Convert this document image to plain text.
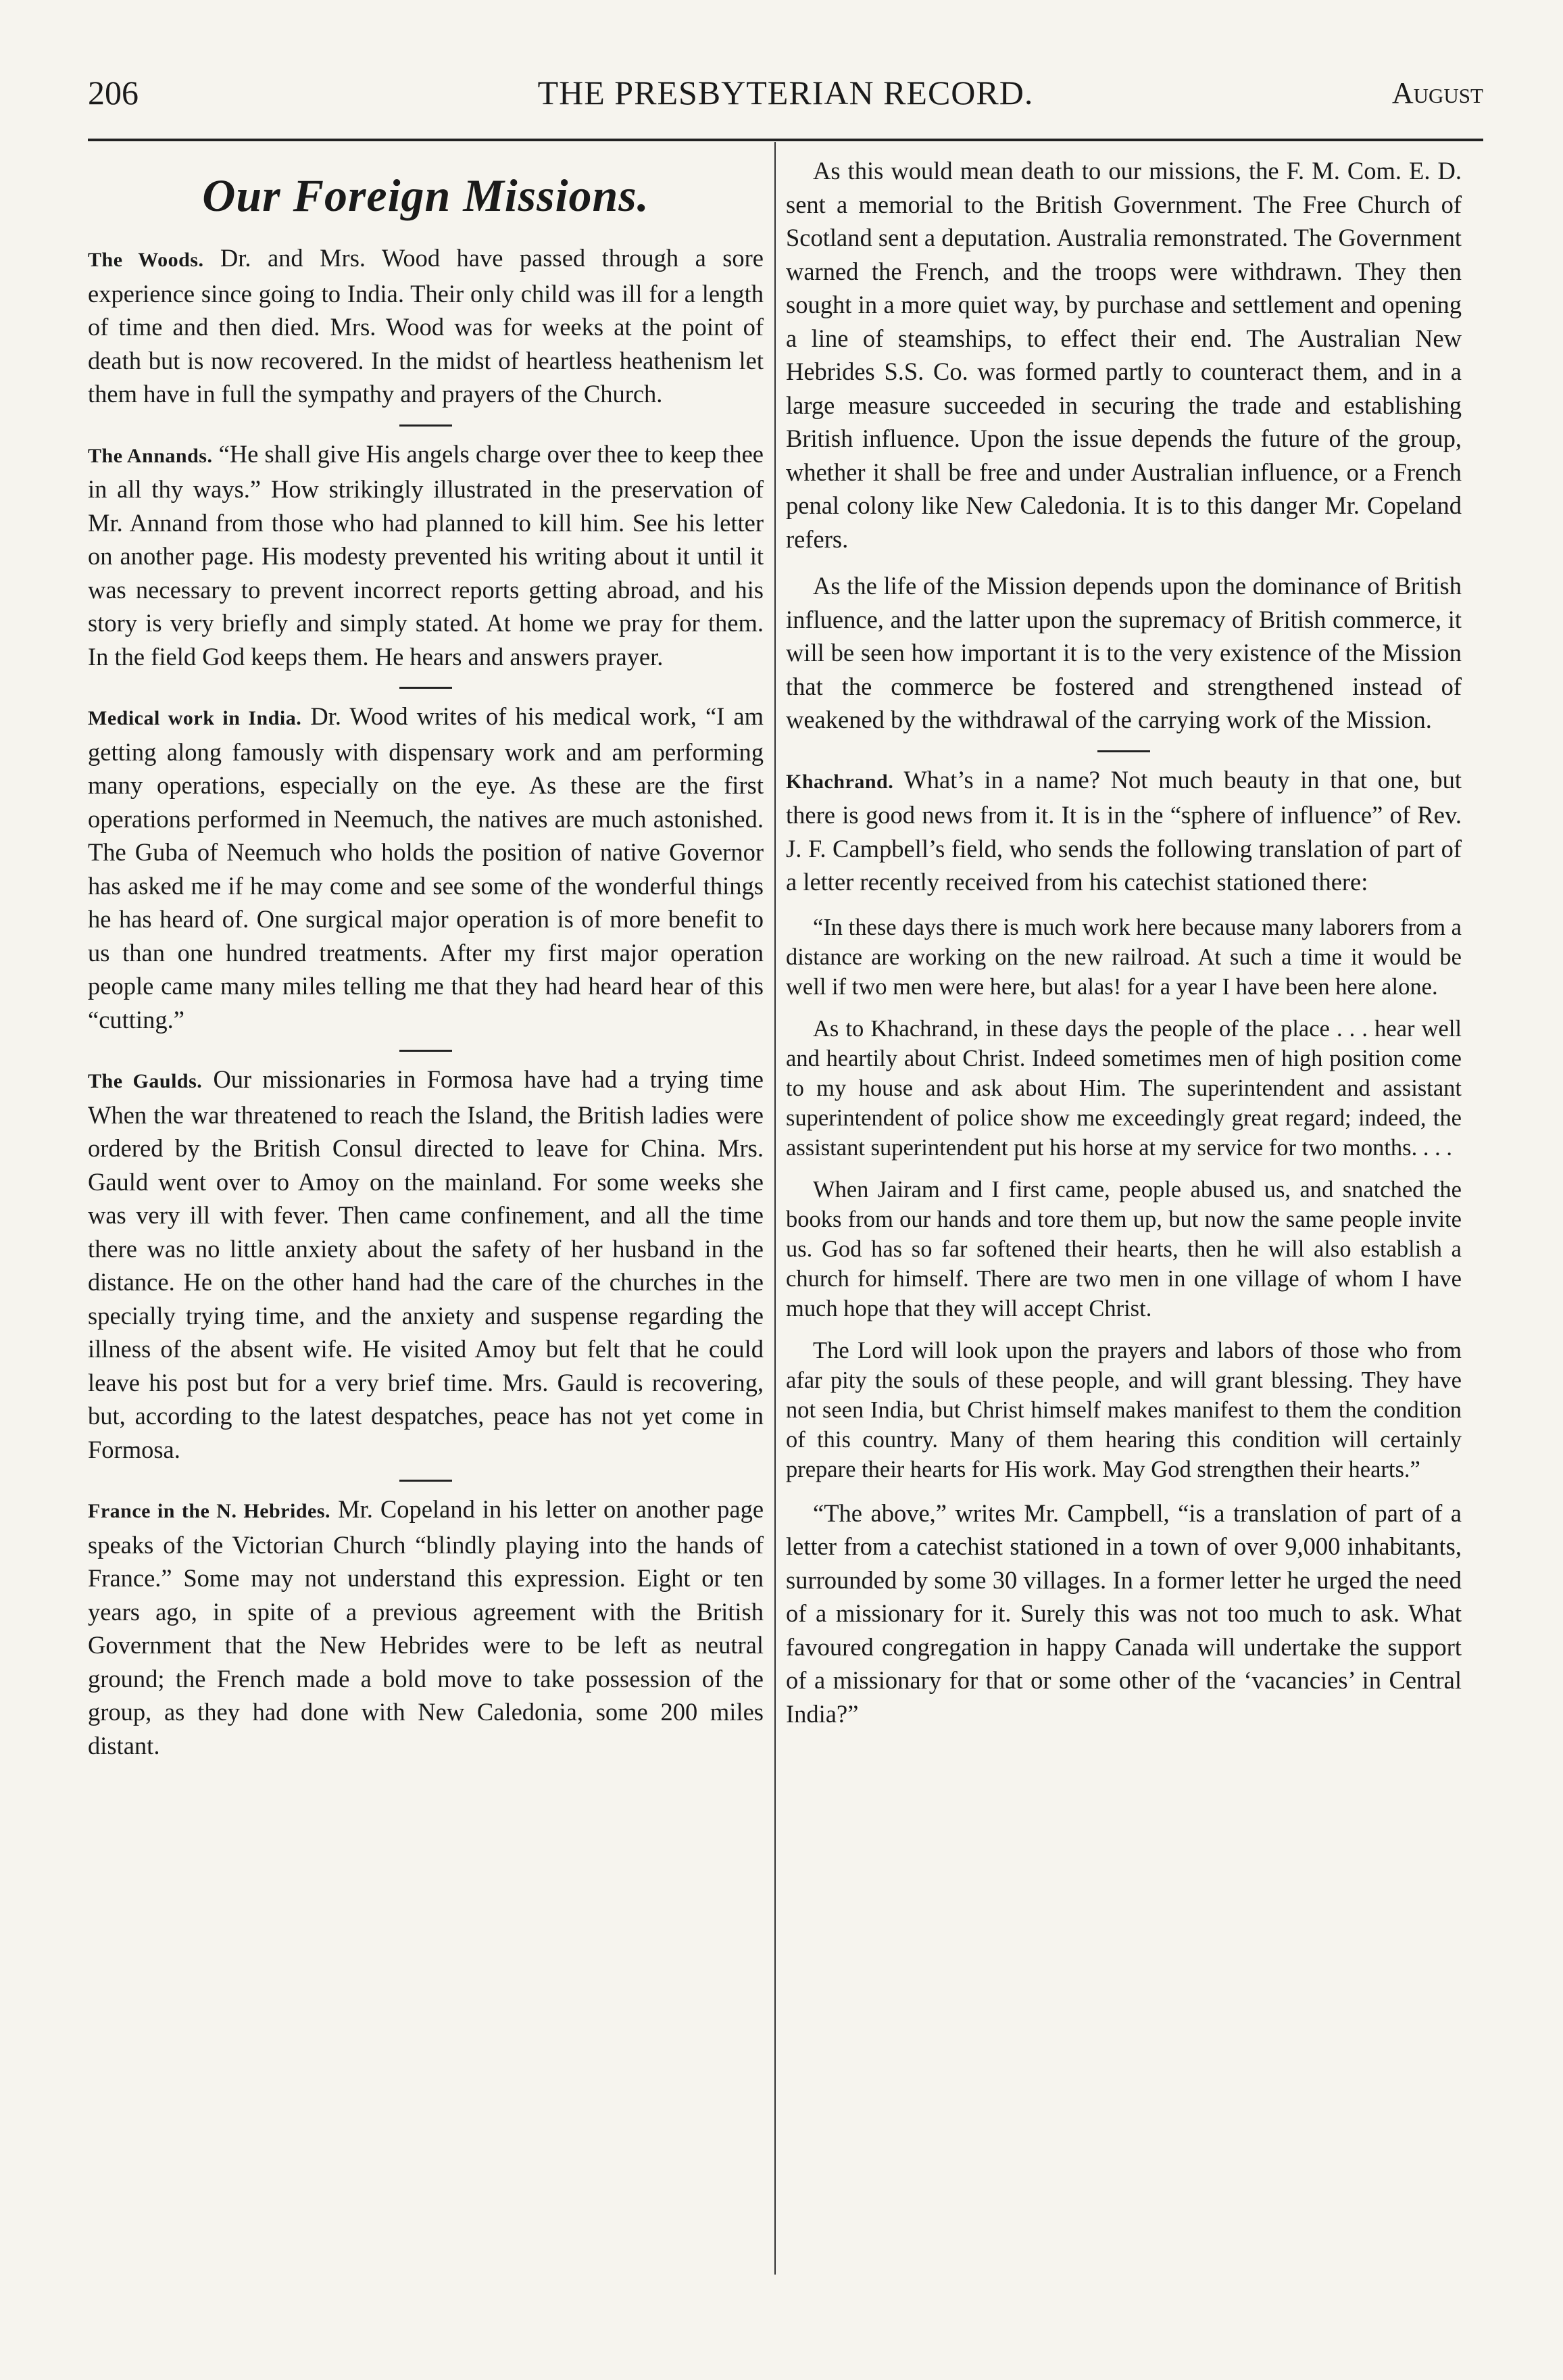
206	THE PRESBYTERIAN RECORD.	August
Our Foreign Missions.

The Woods. Dr. and Mrs. Wood have passed through a sore experience since going to India. Their only child was ill for a length of time and then died. Mrs. Wood was for weeks at the point of death but is now recovered. In the midst of heartless heathenism let them have in full the sympathy and prayers of the Church.

The Annands. “He shall give His angels charge over thee to keep thee in all thy ways.” How strikingly illustrated in the preservation of Mr. Annand from those who had planned to kill him. See his letter on another page. His modesty prevented his writing about it until it was necessary to prevent incorrect reports getting abroad, and his story is very briefly and simply stated. At home we pray for them. In the field God keeps them. He hears and answers prayer.

Medical work in India. Dr. Wood writes of his medical work, “I am getting along famously with dispensary work and am performing many operations, especially on the eye. As these are the first operations performed in Neemuch, the natives are much astonished. The Guba of Neemuch who holds the position of native Governor has asked me if he may come and see some of the wonderful things he has heard of. One surgical major operation is of more benefit to us than one hundred treatments. After my first major operation people came many miles telling me that they had heard hear of this “cutting.”

The Gaulds. Our missionaries in Formosa have had a trying time When the war threatened to reach the Island, the British ladies were ordered by the British Consul directed to leave for China. Mrs. Gauld went over to Amoy on the mainland. For some weeks she was very ill with fever. Then came confinement, and all the time there was no little anxiety about the safety of her husband in the distance. He on the other hand had the care of the churches in the specially trying time, and the anxiety and suspense regarding the illness of the absent wife. He visited Amoy but felt that he could leave his post but for a very brief time. Mrs. Gauld is recovering, but, according to the latest despatches, peace has not yet come in Formosa.

France in the N. Hebrides. Mr. Copeland in his letter on another page speaks of the Victorian Church “blindly playing into the hands of France.” Some may not understand this expression. Eight or ten years ago, in spite of a previous agreement with the British Government that the New Hebrides were to be left as neutral ground; the French made a bold move to take possession of the group, as they had done with New Caledonia, some 200 miles distant.

As this would mean death to our missions, the F. M. Com. E. D. sent a memorial to the British Government. The Free Church of Scotland sent a deputation. Australia remonstrated. The Government warned the French, and the troops were withdrawn. They then sought in a more quiet way, by purchase and settlement and opening a line of steamships, to effect their end. The Australian New Hebrides S.S. Co. was formed partly to counteract them, and in a large measure succeeded in securing the trade and establishing British influence. Upon the issue depends the future of the group, whether it shall be free and under Australian influence, or a French penal colony like New Caledonia. It is to this danger Mr. Copeland refers.

As the life of the Mission depends upon the dominance of British influence, and the latter upon the supremacy of British commerce, it will be seen how important it is to the very existence of the Mission that the commerce be fostered and strengthened instead of weakened by the withdrawal of the carrying work of the Mission.

Khachrand. What’s in a name? Not much beauty in that one, but there is good news from it. It is in the “sphere of influence” of Rev. J. F. Campbell’s field, who sends the following translation of part of a letter recently received from his catechist stationed there:

“In these days there is much work here because many laborers from a distance are working on the new railroad. At such a time it would be well if two men were here, but alas! for a year I have been here alone.

As to Khachrand, in these days the people of the place . . . hear well and heartily about Christ. Indeed sometimes men of high position come to my house and ask about Him. The superintendent and assistant superintendent of police show me exceedingly great regard; indeed, the assistant superintendent put his horse at my service for two months. . . .

When Jairam and I first came, people abused us, and snatched the books from our hands and tore them up, but now the same people invite us. God has so far softened their hearts, then he will also establish a church for himself. There are two men in one village of whom I have much hope that they will accept Christ.

The Lord will look upon the prayers and labors of those who from afar pity the souls of these people, and will grant blessing. They have not seen India, but Christ himself makes manifest to them the condition of this country. Many of them hearing this condition will certainly prepare their hearts for His work. May God strengthen their hearts.”

“The above,” writes Mr. Campbell, “is a translation of part of a letter from a catechist stationed in a town of over 9,000 inhabitants, surrounded by some 30 villages. In a former letter he urged the need of a missionary for it. Surely this was not too much to ask. What favoured congregation in happy Canada will undertake the support of a missionary for that or some other of the ‘vacancies’ in Central India?”
